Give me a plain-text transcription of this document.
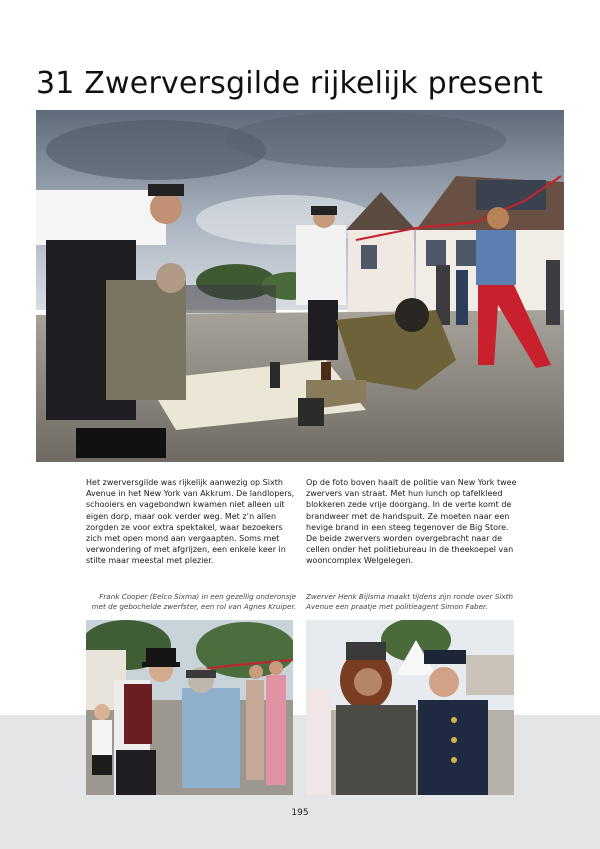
31 Zwerversgilde rijkelijk present
Het zwerversgilde was rijkelijk aanwezig op Sixth Avenue in het New York van Akkrum. De landlopers, schooiers en vagebondwn kwamen niet alleen uit eigen dorp, maar ook verder weg. Met z’n allen zorgden ze voor extra spektakel, waar bezoekers zich met open mond aan vergaapten. Soms met verwondering of met afgrijzen, een enkele keer in stilte maar meestal met plezier.
Op de foto boven haalt de politie van New York twee zwervers van straat. Met hun lunch op tafelkleed blokkeren zede vrije doorgang. In de verte komt de brandweer met de handspuit. Ze moeten naar een hevige brand in een steeg tegenover de Big Store. De beide zwervers worden overgebracht naar de cellen onder het politiebureau in de theekoepel van wooncomplex Welgelegen.
Frank Cooper (Eelco Sixma) in een gezellig onderonsje met de gebochelde zwerfster, een rol van Agnes Kruiper.
Zwerver Henk Bijlsma maakt tijdens zijn ronde over Sixth Avenue een praatje met politieagent Simon Faber.
195
